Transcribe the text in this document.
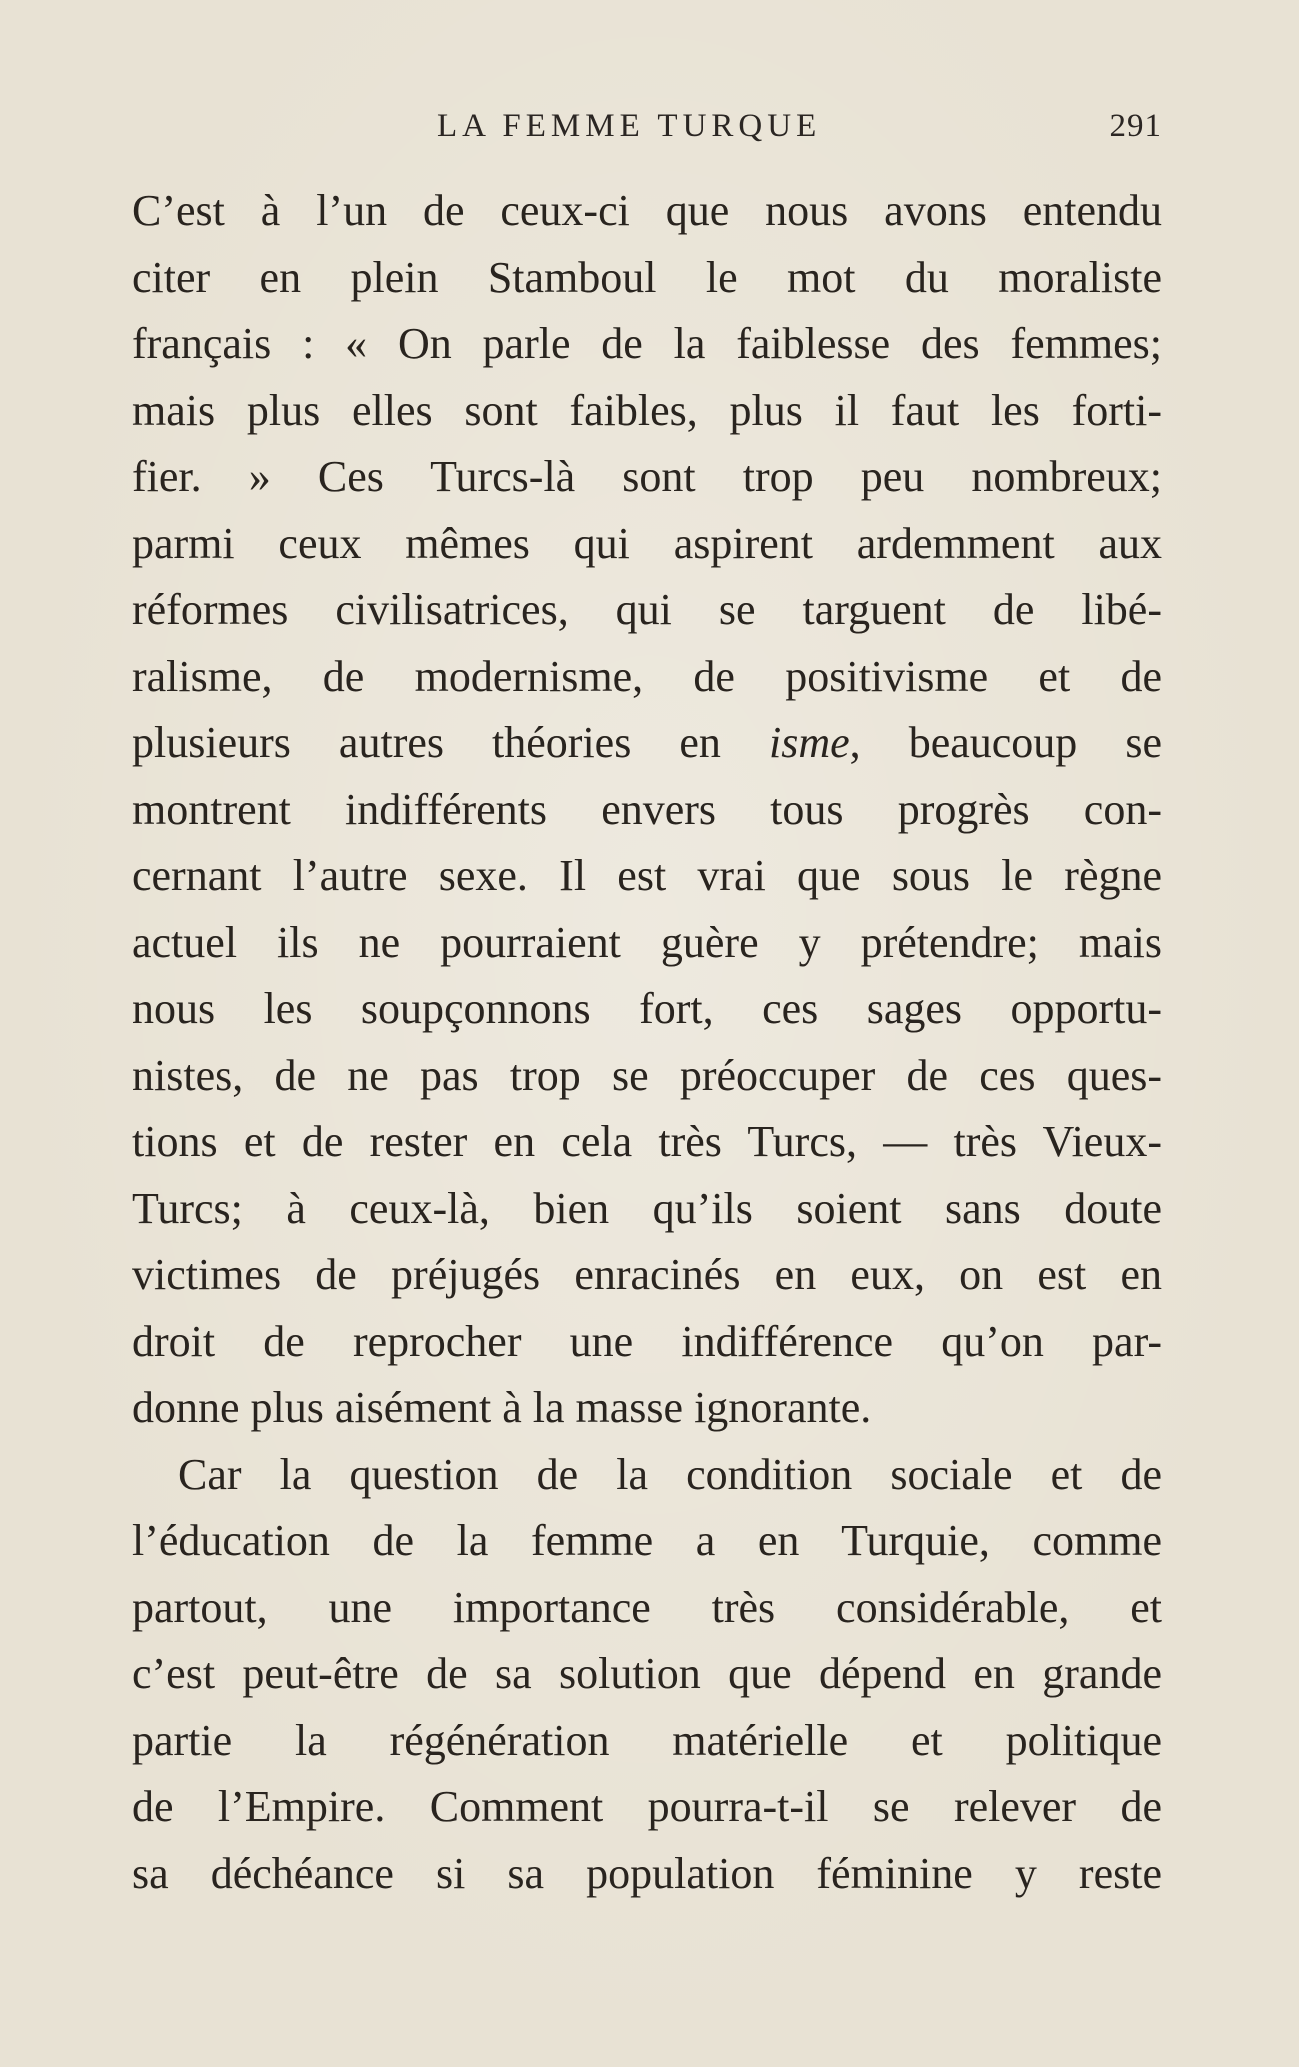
LA FEMME TURQUE	291
C’est à l’un de ceux-ci que nous avons entendu
citer en plein Stamboul le mot du moraliste
français : « On parle de la faiblesse des femmes;
mais plus elles sont faibles, plus il faut les forti-
fier. » Ces Turcs-là sont trop peu nombreux;
parmi ceux mêmes qui aspirent ardemment aux
réformes civilisatrices, qui se targuent de libé-
ralisme, de modernisme, de positivisme et de
plusieurs autres théories en isme, beaucoup se
montrent indifférents envers tous progrès con-
cernant l’autre sexe. Il est vrai que sous le règne
actuel ils ne pourraient guère y prétendre; mais
nous les soupçonnons fort, ces sages opportu-
nistes, de ne pas trop se préoccuper de ces ques-
tions et de rester en cela très Turcs, — très Vieux-
Turcs; à ceux-là, bien qu’ils soient sans doute
victimes de préjugés enracinés en eux, on est en
droit de reprocher une indifférence qu’on par-
donne plus aisément à la masse ignorante.
Car la question de la condition sociale et de
l’éducation de la femme a en Turquie, comme
partout, une importance très considérable, et
c’est peut-être de sa solution que dépend en grande
partie la régénération matérielle et politique
de l’Empire. Comment pourra-t-il se relever de
sa déchéance si sa population féminine y reste
